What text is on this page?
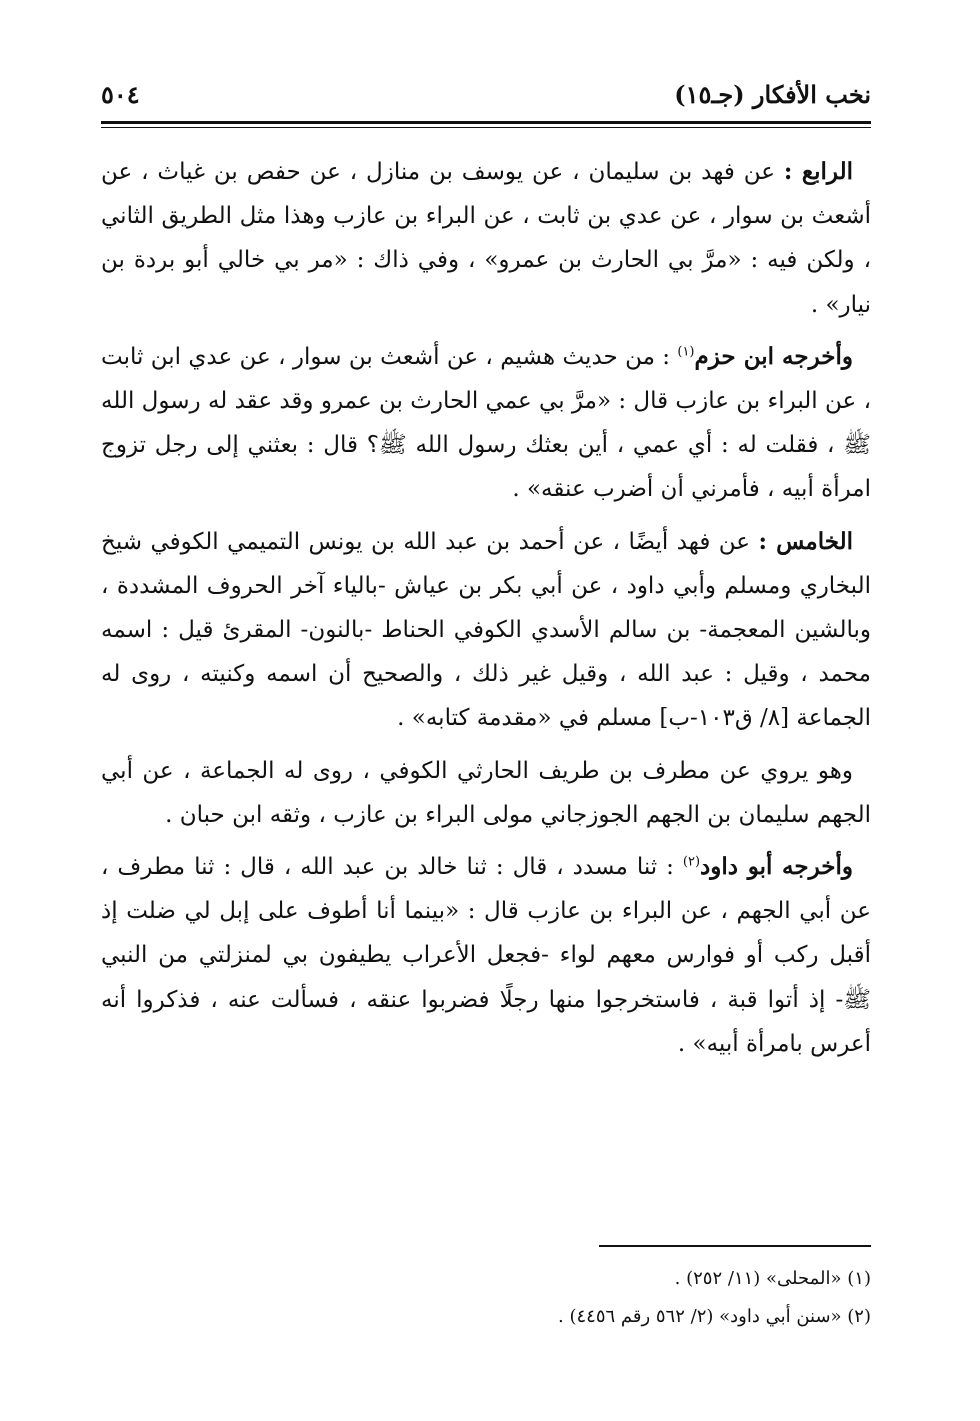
نخب الأفكار (جـ١٥)
٥٠٤

الرابع : عن فهد بن سليمان ، عن يوسف بن منازل ، عن حفص بن غياث ، عن أشعث بن سوار ، عن عدي بن ثابت ، عن البراء بن عازب وهذا مثل الطريق الثاني ، ولكن فيه : «مرَّ بي الحارث بن عمرو» ، وفي ذاك : «مر بي خالي أبو بردة بن نيار» .

وأخرجه ابن حزم$^{(١)}$ : من حديث هشيم ، عن أشعث بن سوار ، عن عدي ابن ثابت ، عن البراء بن عازب قال : «مرَّ بي عمي الحارث بن عمرو وقد عقد له رسول الله ﷺ ، فقلت له : أي عمي ، أين بعثك رسول الله ﷺ؟ قال : بعثني إلى رجل تزوج امرأة أبيه ، فأمرني أن أضرب عنقه» .

الخامس : عن فهد أيضًا ، عن أحمد بن عبد الله بن يونس التميمي الكوفي شيخ البخاري ومسلم وأبي داود ، عن أبي بكر بن عياش -بالياء آخر الحروف المشددة ، وبالشين المعجمة- بن سالم الأسدي الكوفي الحناط -بالنون- المقرئ قيل : اسمه محمد ، وقيل : عبد الله ، وقيل غير ذلك ، والصحيح أن اسمه وكنيته ، روى له الجماعة [٨/ ق١٠٣-ب] مسلم في «مقدمة كتابه» .

وهو يروي عن مطرف بن طريف الحارثي الكوفي ، روى له الجماعة ، عن أبي الجهم سليمان بن الجهم الجوزجاني مولى البراء بن عازب ، وثقه ابن حبان .

وأخرجه أبو داود$^{(٢)}$ : ثنا مسدد ، قال : ثنا خالد بن عبد الله ، قال : ثنا مطرف ، عن أبي الجهم ، عن البراء بن عازب قال : «بينما أنا أطوف على إبل لي ضلت إذ أقبل ركب أو فوارس معهم لواء -فجعل الأعراب يطيفون بي لمنزلتي من النبي ﷺ- إذ أتوا قبة ، فاستخرجوا منها رجلًا فضربوا عنقه ، فسألت عنه ، فذكروا أنه أعرس بامرأة أبيه» .

(١) «المحلى» (١١/ ٢٥٢) .

(٢) «سنن أبي داود» (٢/ ٥٦٢ رقم ٤٤٥٦) .
